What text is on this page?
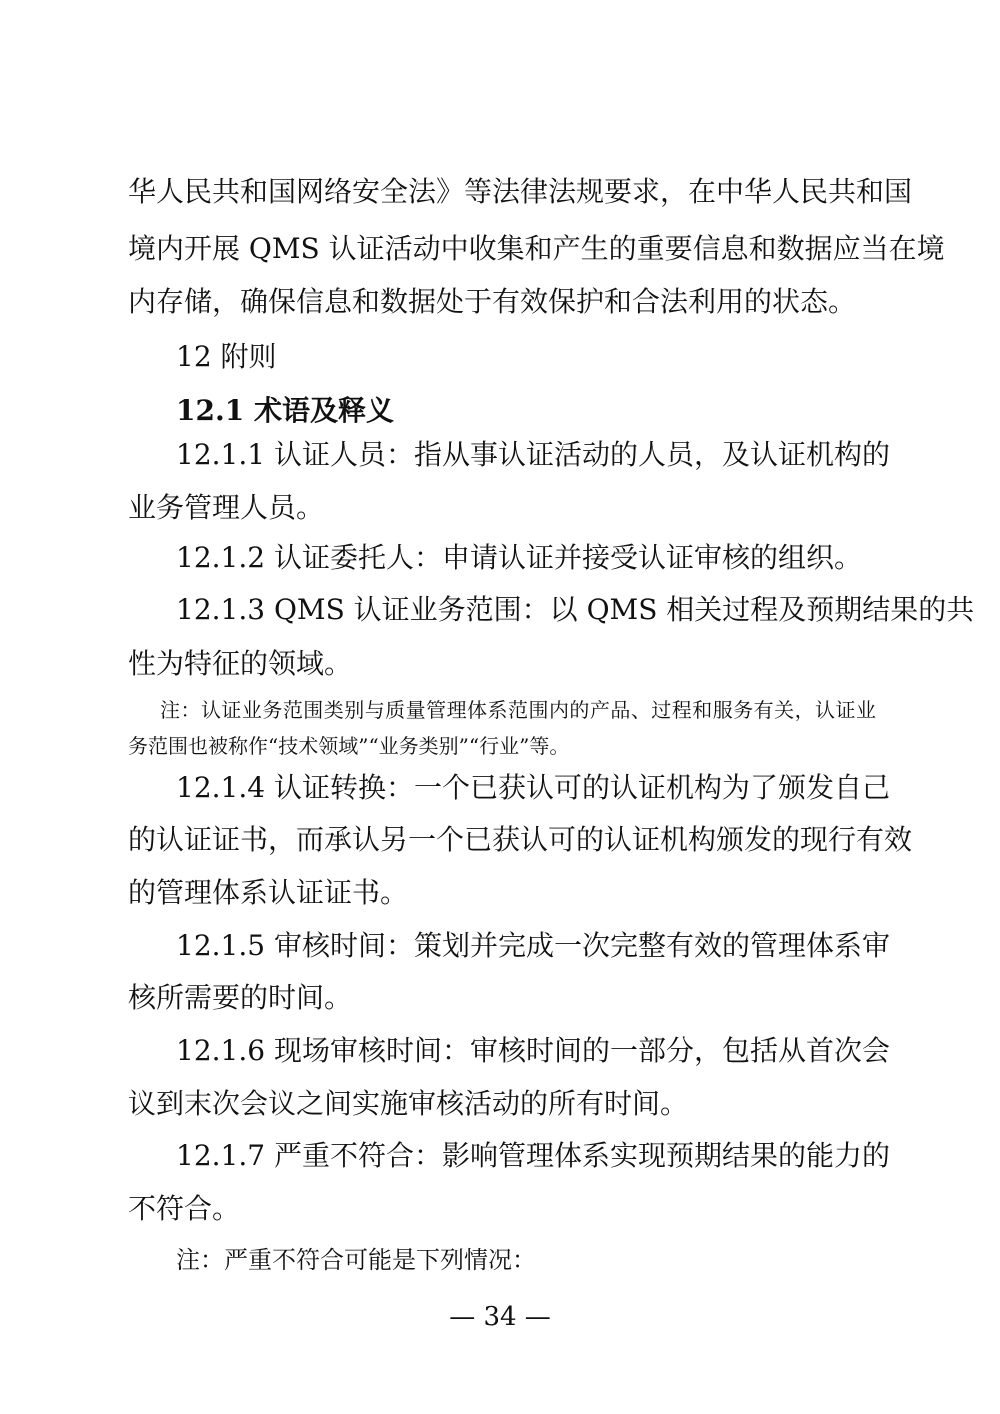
华人民共和国网络安全法》等法律法规要求，在中华人民共和国
境内开展 QMS 认证活动中收集和产生的重要信息和数据应当在境
内存储，确保信息和数据处于有效保护和合法利用的状态。
12 附则
12.1 术语及释义
12.1.1 认证人员：指从事认证活动的人员，及认证机构的
业务管理人员。
12.1.2 认证委托人：申请认证并接受认证审核的组织。
12.1.3 QMS 认证业务范围：以 QMS 相关过程及预期结果的共
性为特征的领域。
注：认证业务范围类别与质量管理体系范围内的产品、过程和服务有关，认证业
务范围也被称作“技术领域”“业务类别”“行业”等。
12.1.4 认证转换：一个已获认可的认证机构为了颁发自己
的认证证书，而承认另一个已获认可的认证机构颁发的现行有效
的管理体系认证证书。
12.1.5 审核时间：策划并完成一次完整有效的管理体系审
核所需要的时间。
12.1.6 现场审核时间：审核时间的一部分，包括从首次会
议到末次会议之间实施审核活动的所有时间。
12.1.7 严重不符合：影响管理体系实现预期结果的能力的
不符合。
注：严重不符合可能是下列情况：
— 34 —
